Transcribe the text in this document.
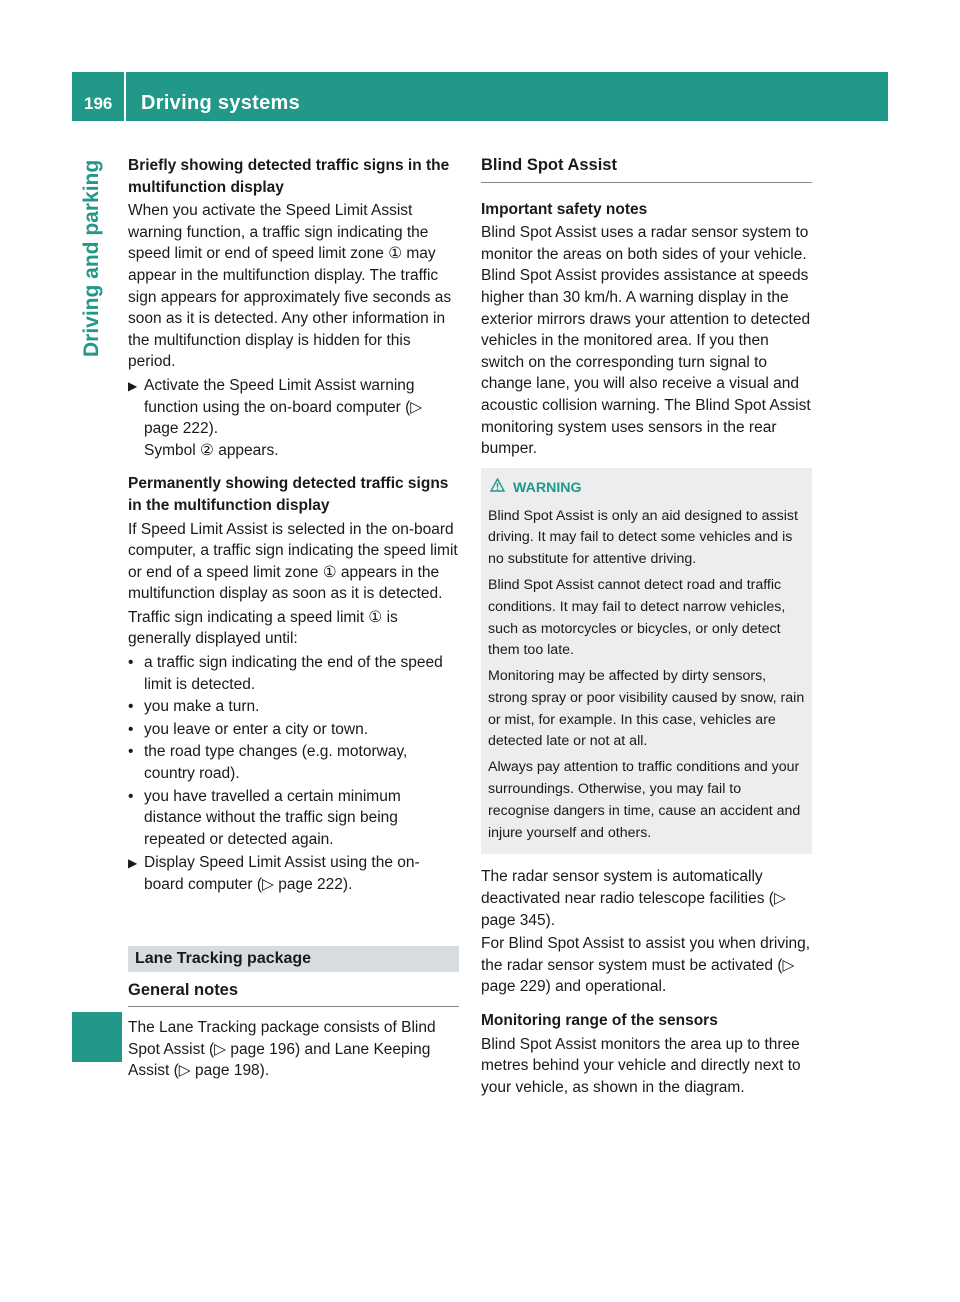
196	Driving systems
Driving and parking Briefly showing detected traffic signs in the multifunction display
When you activate the Speed Limit Assist warning function, a traffic sign indicating the speed limit or end of speed limit zone ① may appear in the multifunction display. The traffic sign appears for approximately five seconds as soon as it is detected. Any other information in the multifunction display is hidden for this period.
▶ Activate the Speed Limit Assist warning function using the on-board computer (▷ page 222).
Symbol ② appears.
Permanently showing detected traffic signs in the multifunction display
If Speed Limit Assist is selected in the on-board computer, a traffic sign indicating the speed limit or end of a speed limit zone ① appears in the multifunction display as soon as it is detected.
Traffic sign indicating a speed limit ① is generally displayed until:
• a traffic sign indicating the end of the speed limit is detected.
• you make a turn.
• you leave or enter a city or town.
• the road type changes (e.g. motorway, country road).
• you have travelled a certain minimum distance without the traffic sign being repeated or detected again.
▶ Display Speed Limit Assist using the on-board computer (▷ page 222).
Lane Tracking package
General notes
The Lane Tracking package consists of Blind Spot Assist (▷ page 196) and Lane Keeping Assist (▷ page 198).
Blind Spot Assist
Important safety notes
Blind Spot Assist uses a radar sensor system to monitor the areas on both sides of your vehicle. Blind Spot Assist provides assistance at speeds higher than 30 km/h. A warning display in the exterior mirrors draws your attention to detected vehicles in the monitored area. If you then switch on the corresponding turn signal to change lane, you will also receive a visual and acoustic collision warning. The Blind Spot Assist monitoring system uses sensors in the rear bumper.
WARNING
Blind Spot Assist is only an aid designed to assist driving. It may fail to detect some vehicles and is no substitute for attentive driving.
Blind Spot Assist cannot detect road and traffic conditions. It may fail to detect narrow vehicles, such as motorcycles or bicycles, or only detect them too late.
Monitoring may be affected by dirty sensors, strong spray or poor visibility caused by snow, rain or mist, for example. In this case, vehicles are detected late or not at all.
Always pay attention to traffic conditions and your surroundings. Otherwise, you may fail to recognise dangers in time, cause an accident and injure yourself and others.
The radar sensor system is automatically deactivated near radio telescope facilities (▷ page 345).
For Blind Spot Assist to assist you when driving, the radar sensor system must be activated (▷ page 229) and operational.
Monitoring range of the sensors
Blind Spot Assist monitors the area up to three metres behind your vehicle and directly next to your vehicle, as shown in the diagram.
